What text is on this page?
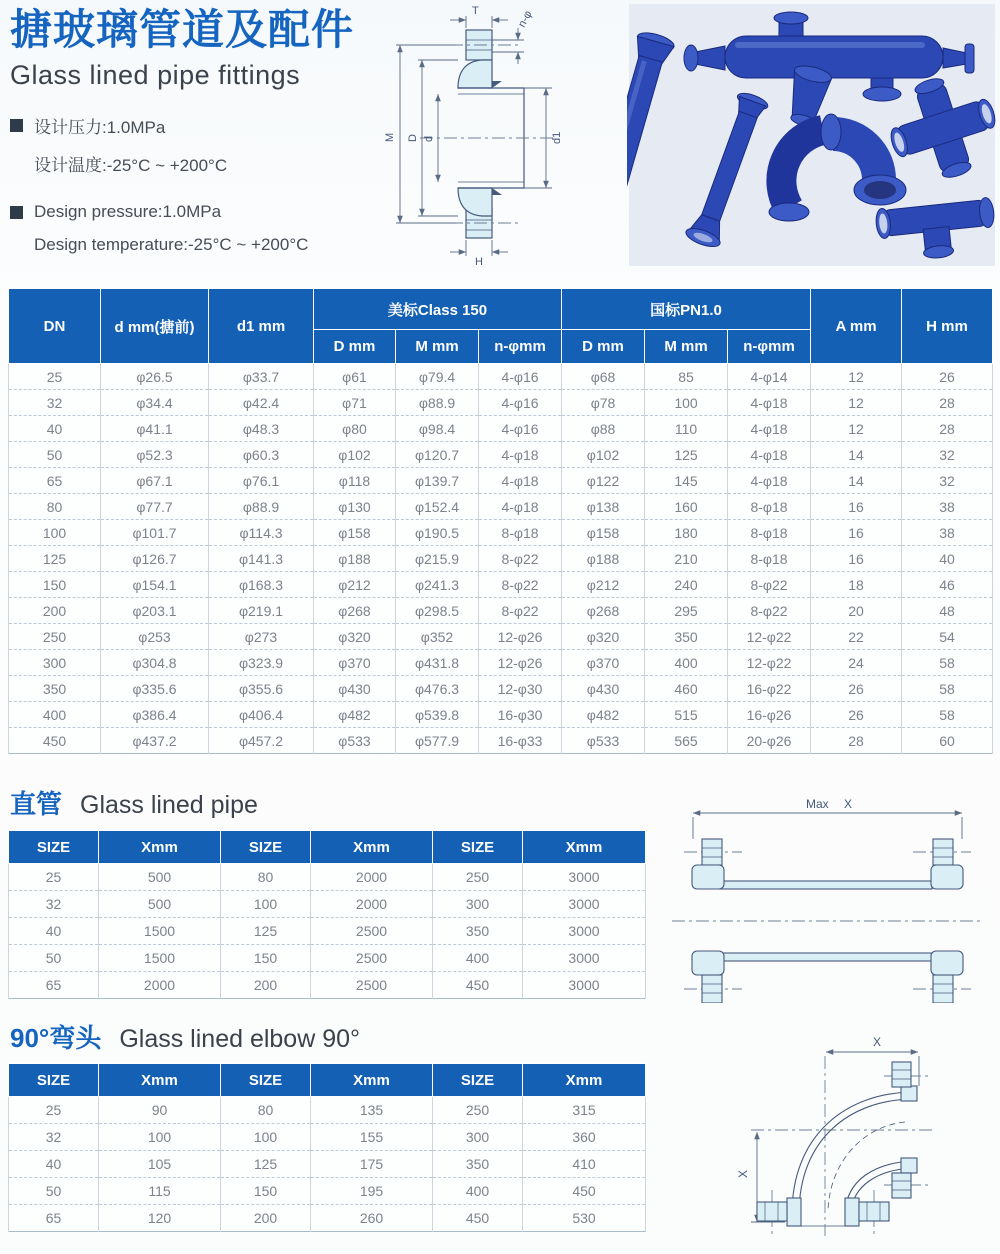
搪玻璃管道及配件
Glass lined pipe fittings
设计压力:1.0MPa
设计温度:-25°C ~ +200°C
Design pressure:1.0MPa
Design temperature:-25°C ~ +200°C
T	n-φ
M D d	d1
H
DN	d mm(搪前)	d1 mm	美标Class 150			国标PN1.0			A mm	H mm
			D mm	M mm	n-φmm	D mm	M mm	n-φmm		
25	φ26.5	φ33.7	φ61	φ79.4	4-φ16	φ68	85	4-φ14	12	26
32	φ34.4	φ42.4	φ71	φ88.9	4-φ16	φ78	100	4-φ18	12	28
40	φ41.1	φ48.3	φ80	φ98.4	4-φ16	φ88	110	4-φ18	12	28
50	φ52.3	φ60.3	φ102	φ120.7	4-φ18	φ102	125	4-φ18	14	32
65	φ67.1	φ76.1	φ118	φ139.7	4-φ18	φ122	145	4-φ18	14	32
80	φ77.7	φ88.9	φ130	φ152.4	4-φ18	φ138	160	8-φ18	16	38
100	φ101.7	φ114.3	φ158	φ190.5	8-φ18	φ158	180	8-φ18	16	38
125	φ126.7	φ141.3	φ188	φ215.9	8-φ22	φ188	210	8-φ18	16	40
150	φ154.1	φ168.3	φ212	φ241.3	8-φ22	φ212	240	8-φ22	18	46
200	φ203.1	φ219.1	φ268	φ298.5	8-φ22	φ268	295	8-φ22	20	48
250	φ253	φ273	φ320	φ352	12-φ26	φ320	350	12-φ22	22	54
300	φ304.8	φ323.9	φ370	φ431.8	12-φ26	φ370	400	12-φ22	24	58
350	φ335.6	φ355.6	φ430	φ476.3	12-φ30	φ430	460	16-φ22	26	58
400	φ386.4	φ406.4	φ482	φ539.8	16-φ30	φ482	515	16-φ26	26	58
450	φ437.2	φ457.2	φ533	φ577.9	16-φ33	φ533	565	20-φ26	28	60
直管 Glass lined pipe
SIZE	Xmm	SIZE	Xmm	SIZE	Xmm
25	500	80	2000	250	3000
32	500	100	2000	300	3000
40	1500	125	2500	350	3000
50	1500	150	2500	400	3000
65	2000	200	2500	450	3000
Max X
90°弯头 Glass lined elbow 90°
SIZE	Xmm	SIZE	Xmm	SIZE	Xmm
25	90	80	135	250	315
32	100	100	155	300	360
40	105	125	175	350	410
50	115	150	195	400	450
65	120	200	260	450	530
X
X
